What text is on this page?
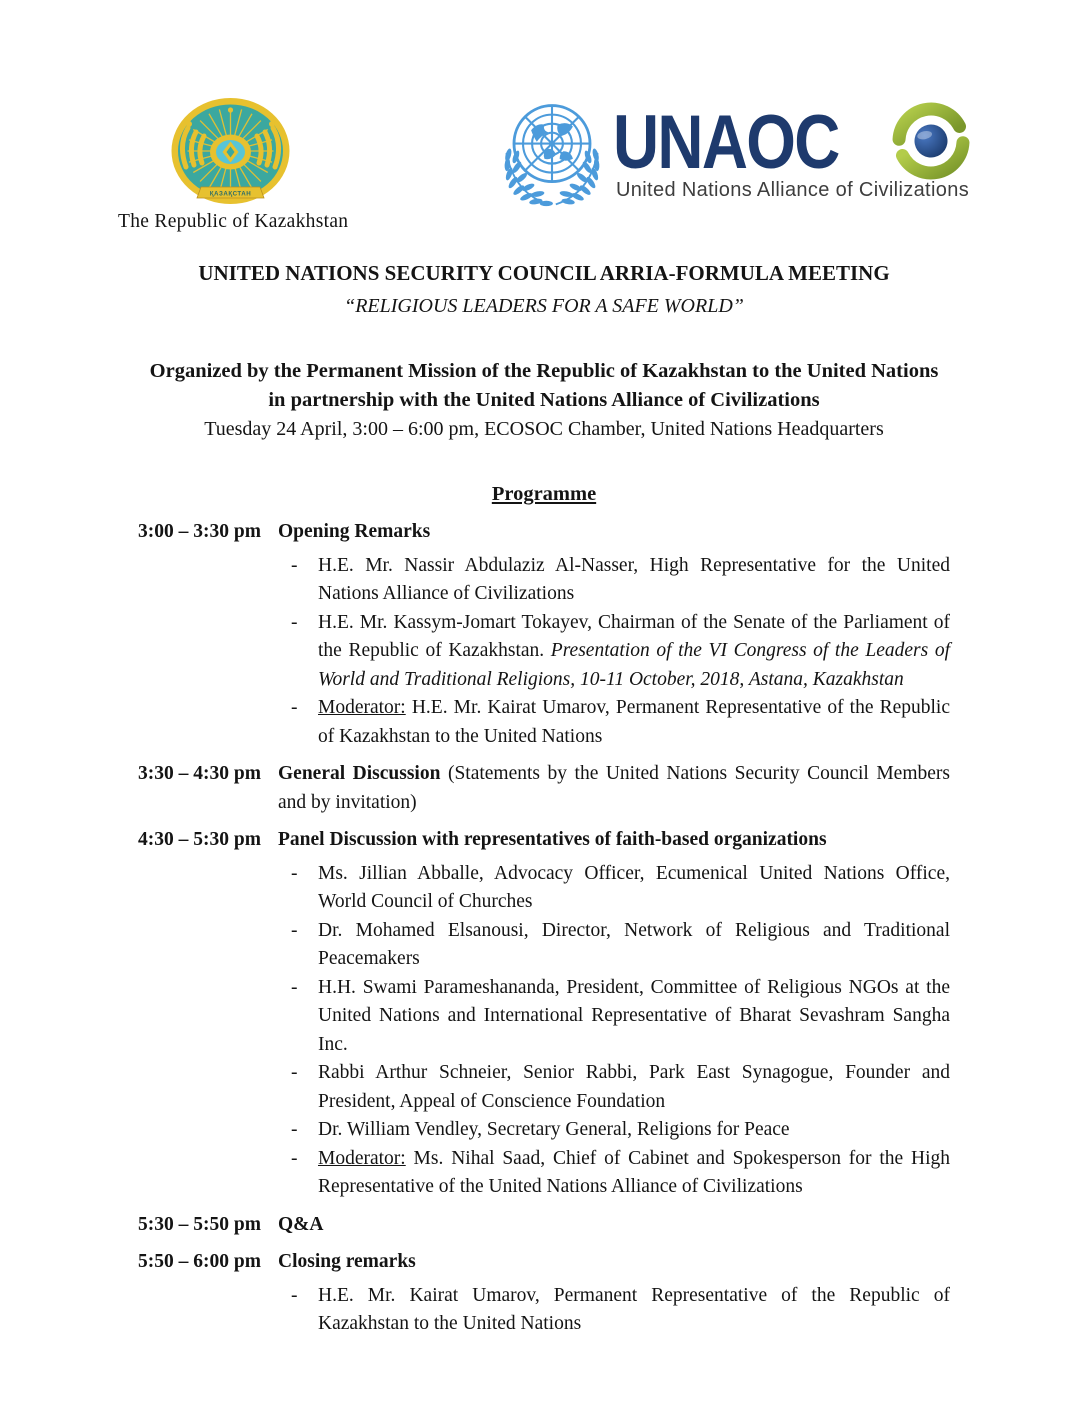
ҚАЗАҚСТАН
The Republic of Kazakhstan
UNAOC
United Nations Alliance of Civilizations
UNITED NATIONS SECURITY COUNCIL ARRIA-FORMULA MEETING
“RELIGIOUS LEADERS FOR A SAFE WORLD”
Organized by the Permanent Mission of the Republic of Kazakhstan to the United Nations
in partnership with the United Nations Alliance of Civilizations
Tuesday 24 April, 3:00 – 6:00 pm, ECOSOC Chamber, United Nations Headquarters
Programme
3:00 – 3:30 pm Opening Remarks
- H.E. Mr. Nassir Abdulaziz Al-Nasser, High Representative for the United Nations Alliance of Civilizations
- H.E. Mr. Kassym-Jomart Tokayev, Chairman of the Senate of the Parliament of the Republic of Kazakhstan. Presentation of the VI Congress of the Leaders of World and Traditional Religions, 10-11 October, 2018, Astana, Kazakhstan
- Moderator: H.E. Mr. Kairat Umarov, Permanent Representative of the Republic of Kazakhstan to the United Nations
3:30 – 4:30 pm General Discussion (Statements by the United Nations Security Council Members and by invitation)
4:30 – 5:30 pm Panel Discussion with representatives of faith-based organizations
- Ms. Jillian Abballe, Advocacy Officer, Ecumenical United Nations Office, World Council of Churches
- Dr. Mohamed Elsanousi, Director, Network of Religious and Traditional Peacemakers
- H.H. Swami Parameshananda, President, Committee of Religious NGOs at the United Nations and International Representative of Bharat Sevashram Sangha Inc.
- Rabbi Arthur Schneier, Senior Rabbi, Park East Synagogue, Founder and President, Appeal of Conscience Foundation
- Dr. William Vendley, Secretary General, Religions for Peace
- Moderator: Ms. Nihal Saad, Chief of Cabinet and Spokesperson for the High Representative of the United Nations Alliance of Civilizations
5:30 – 5:50 pm Q&A
5:50 – 6:00 pm Closing remarks
- H.E. Mr. Kairat Umarov, Permanent Representative of the Republic of Kazakhstan to the United Nations
